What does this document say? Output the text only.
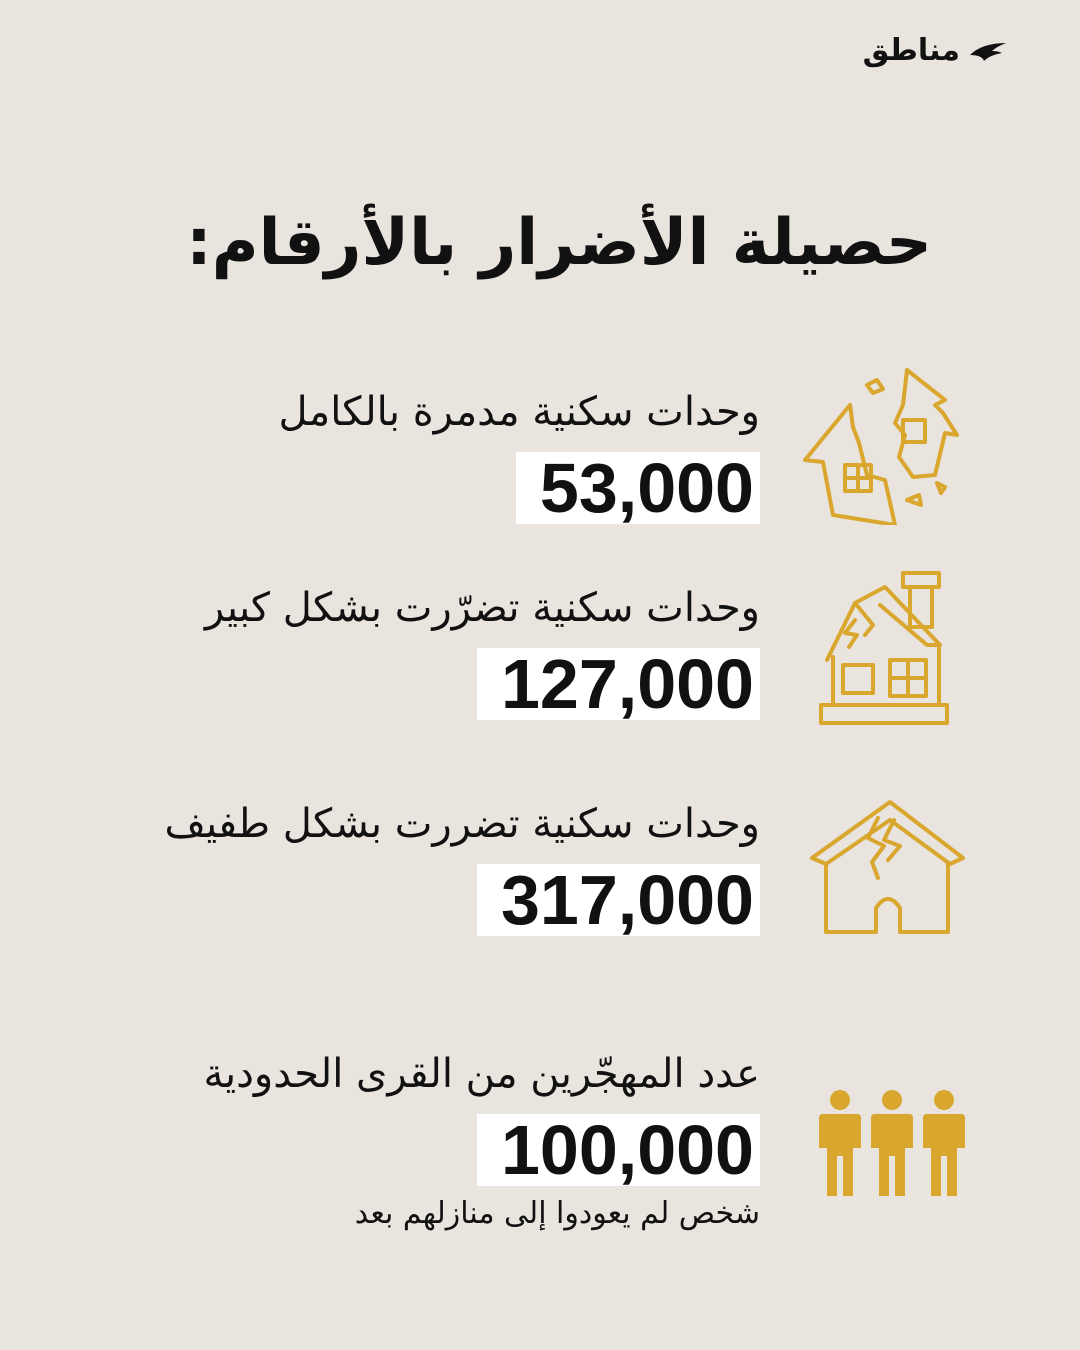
مناطق
حصيلة الأضرار بالأرقام:
وحدات سكنية مدمرة بالكامل
53,000
وحدات سكنية تضرّرت بشكل كبير
127,000
وحدات سكنية تضررت بشكل طفيف
317,000
عدد المهجّرين من القرى الحدودية
100,000
شخص لم يعودوا إلى منازلهم بعد
